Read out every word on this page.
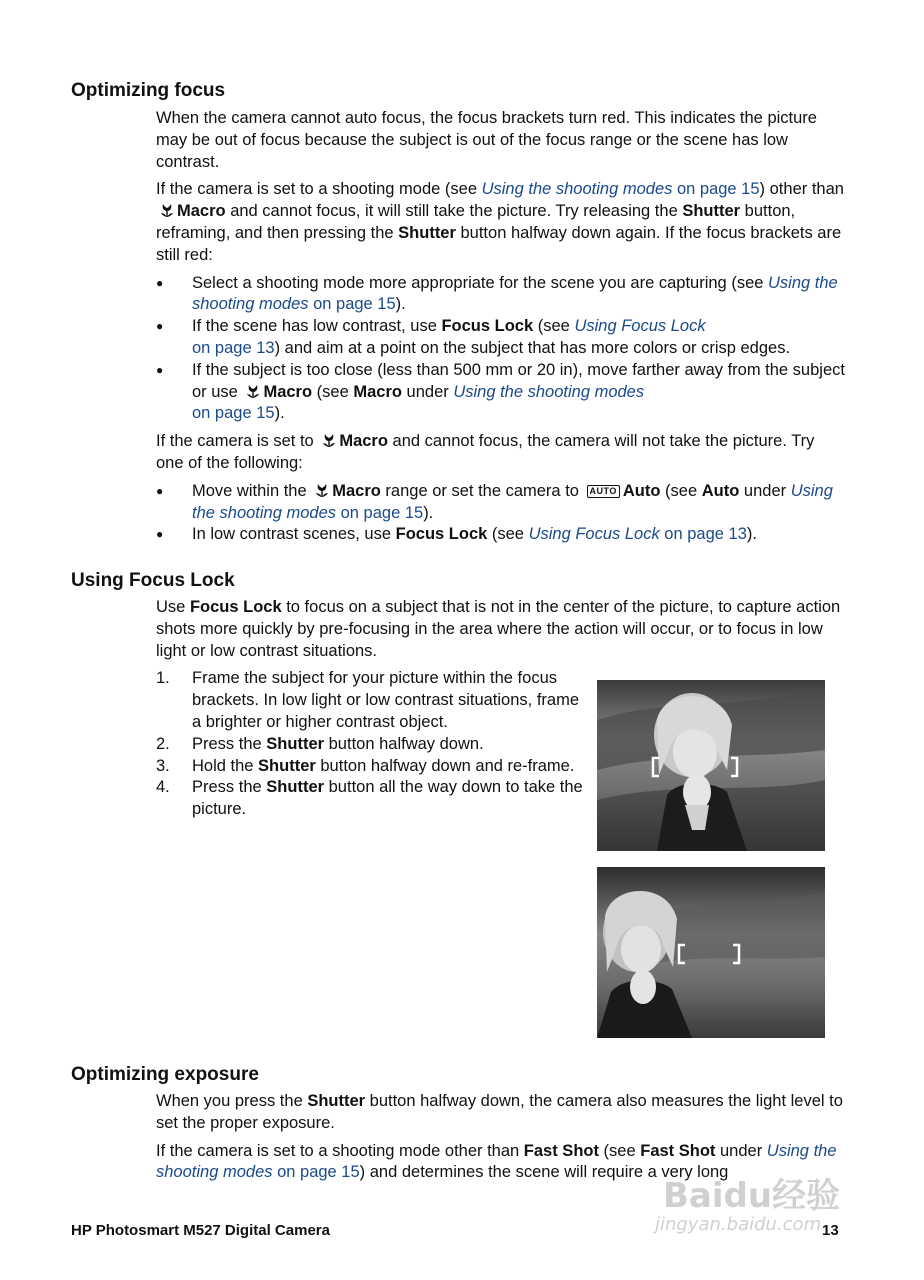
Optimizing focus

When the camera cannot auto focus, the focus brackets turn red. This indicates the picture may be out of focus because the subject is out of the focus range or the scene has low contrast.

If the camera is set to a shooting mode (see Using the shooting modes on page 15) other than Macro and cannot focus, it will still take the picture. Try releasing the Shutter button, reframing, and then pressing the Shutter button halfway down again. If the focus brackets are still red:

● Select a shooting mode more appropriate for the scene you are capturing (see Using the shooting modes on page 15).
● If the scene has low contrast, use Focus Lock (see Using Focus Lock
on page 13) and aim at a point on the subject that has more colors or crisp edges.
● If the subject is too close (less than 500 mm or 20 in), move farther away from the subject or use Macro (see Macro under Using the shooting modes
on page 15).

If the camera is set to Macro and cannot focus, the camera will not take the picture. Try one of the following:

● Move within the Macro range or set the camera to AUTO Auto (see Auto under Using the shooting modes on page 15).
● In low contrast scenes, use Focus Lock (see Using Focus Lock on page 13).
Using Focus Lock

Use Focus Lock to focus on a subject that is not in the center of the picture, to capture action shots more quickly by pre-focusing in the area where the action will occur, or to focus in low light or low contrast situations.

1. Frame the subject for your picture within the focus brackets. In low light or low contrast situations, frame a brighter or higher contrast object.
2. Press the Shutter button halfway down.
3. Hold the Shutter button halfway down and re-frame.
4. Press the Shutter button all the way down to take the picture.
Optimizing exposure

When you press the Shutter button halfway down, the camera also measures the light level to set the proper exposure.

If the camera is set to a shooting mode other than Fast Shot (see Fast Shot under Using the shooting modes on page 15) and determines the scene will require a very long

Baidu经验
jingyan.baidu.com
HP Photosmart M527 Digital Camera	13
